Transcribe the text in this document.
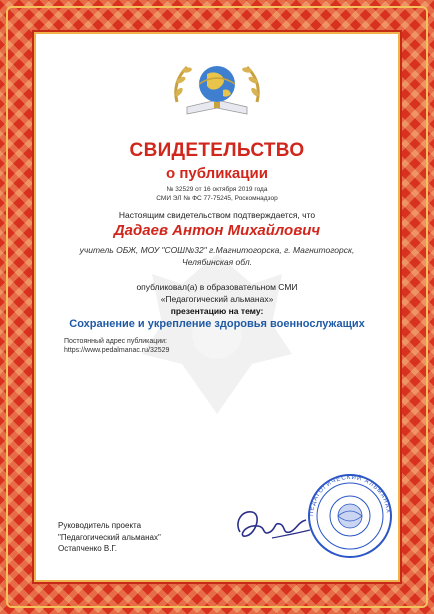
СВИДЕТЕЛЬСТВО
о публикации
№ 32529 от 16 октября 2019 года
СМИ ЭЛ № ФС 77-75245, Роскомнадзор
Настоящим свидетельством подтверждается, что
Дадаев Антон Михайлович
учитель ОБЖ, МОУ "СОШ№32" г.Магнитогорска, г. Магнитогорск, Челябинская обл.
опубликовал(а) в образовательном СМИ
«Педагогический альманах»
презентацию на тему:
Сохранение и укрепление здоровья военнослужащих
Постоянный адрес публикации:
https://www.pedalmanac.ru/32529
Руководитель проекта
"Педагогический альманах"
Остапченко В.Г.
ПЕДАГОГИЧЕСКИЙ АЛЬМАНАХ
